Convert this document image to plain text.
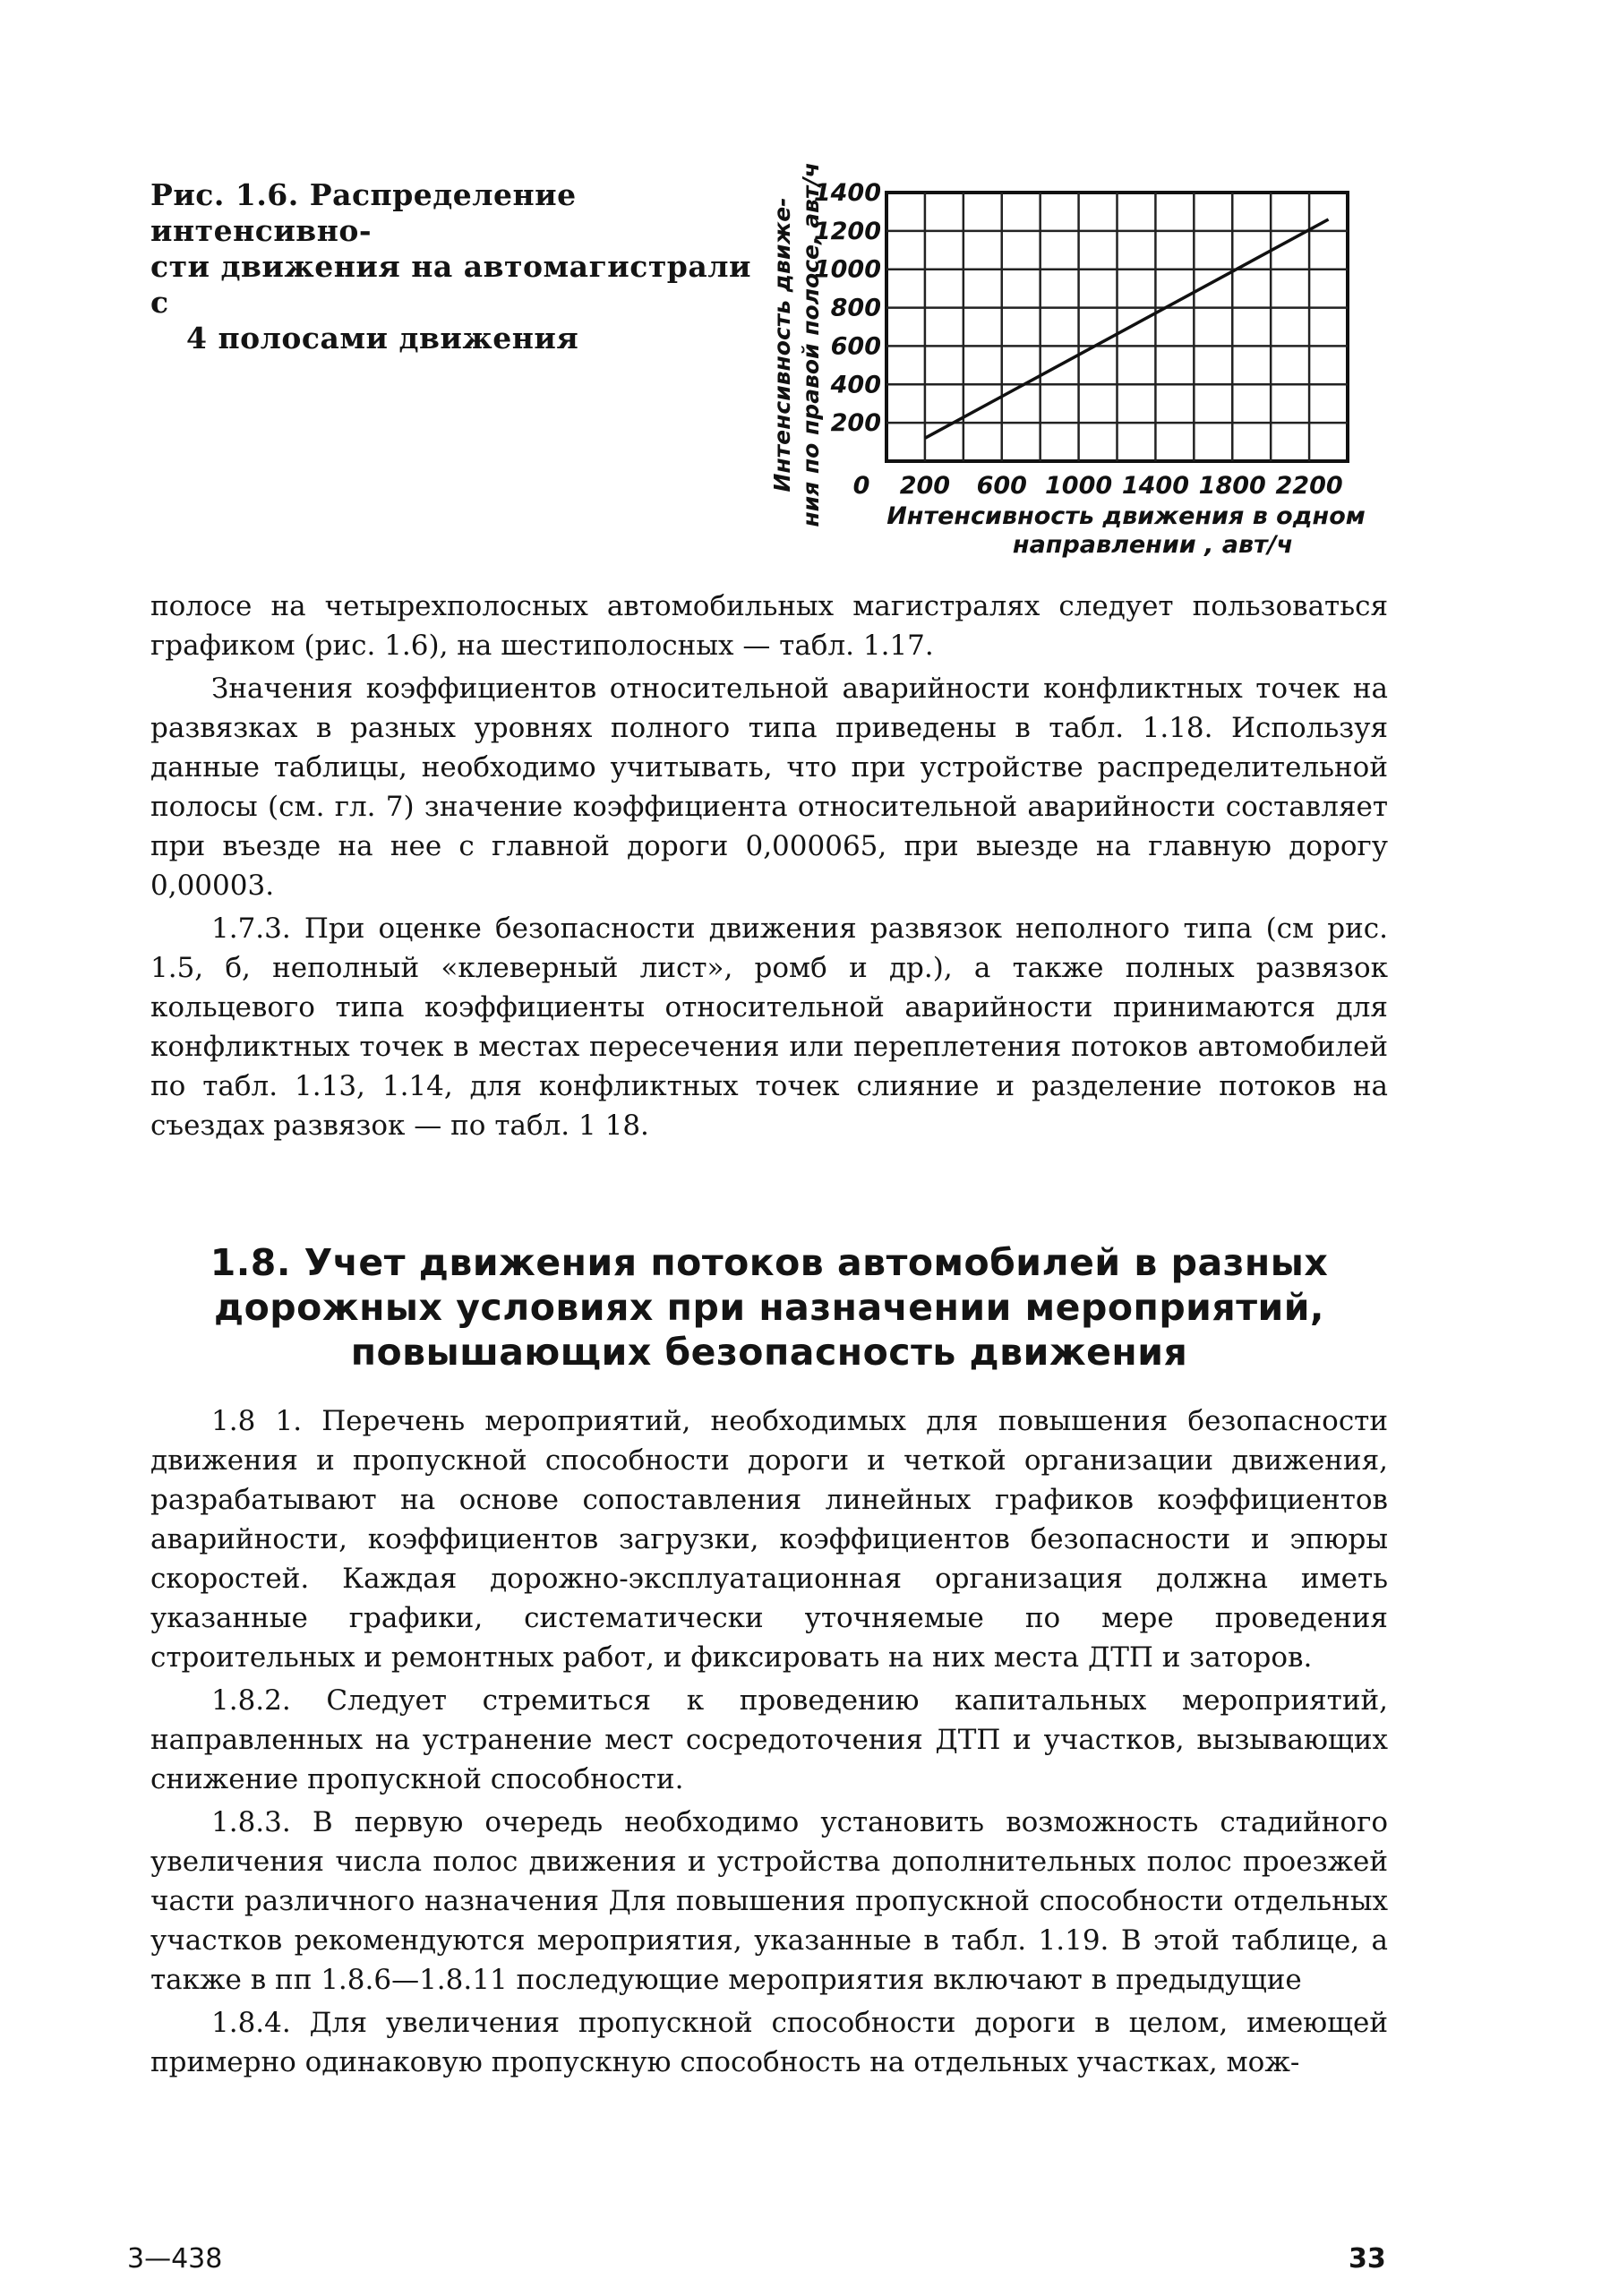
Рис. 1.6. Распределение интенсивно-
сти движения на автомагистрали с
4 полосами движения
0 200 600 1000 1400 1800 2200
200
400
600
800
1000
1200
1400
Интенсивность движения в одном
направлении , авт/ч
Интенсивность движе- ния по правой полосе, авт/ч

полосе на четырехполосных автомобильных магистралях следует пользоваться графиком (рис. 1.6), на шестиполосных — табл. 1.17.

Значения коэффициентов относительной аварийности конфликтных точек на развязках в разных уровнях полного типа приведены в табл. 1.18. Используя данные таблицы, необходимо учитывать, что при устройстве распределительной полосы (см. гл. 7) значение коэффициента относительной аварийности составляет при въезде на нее с главной дороги 0,000065, при выезде на главную дорогу 0,00003.

1.7.3. При оценке безопасности движения развязок неполного типа (см рис. 1.5, б, неполный «клеверный лист», ромб и др.), а также полных развязок кольцевого типа коэффициенты относительной аварийности принимаются для конфликтных точек в местах пересечения или переплетения потоков автомобилей по табл. 1.13, 1.14, для конфликтных точек слияние и разделение потоков на съездах развязок — по табл. 1 18.

1.8. Учет движения потоков автомобилей в разных
дорожных условиях при назначении мероприятий,
повышающих безопасность движения

1.8 1. Перечень мероприятий, необходимых для повышения безопасности движения и пропускной способности дороги и четкой организации движения, разрабатывают на основе сопоставления линейных графиков коэффициентов аварийности, коэффициентов загрузки, коэффициентов безопасности и эпюры скоростей. Каждая дорожно-эксплуатационная организация должна иметь указанные графики, систематически уточняемые по мере проведения строительных и ремонтных работ, и фиксировать на них места ДТП и заторов.

1.8.2. Следует стремиться к проведению капитальных мероприятий, направленных на устранение мест сосредоточения ДТП и участков, вызывающих снижение пропускной способности.

1.8.3. В первую очередь необходимо установить возможность стадийного увеличения числа полос движения и устройства дополнительных полос проезжей части различного назначения Для повышения пропускной способности отдельных участков рекомендуются мероприятия, указанные в табл. 1.19. В этой таблице, а также в пп 1.8.6—1.8.11 последующие мероприятия включают в предыдущие

1.8.4. Для увеличения пропускной способности дороги в целом, имеющей примерно одинаковую пропускную способность на отдельных участках, мож-

3—438	33
